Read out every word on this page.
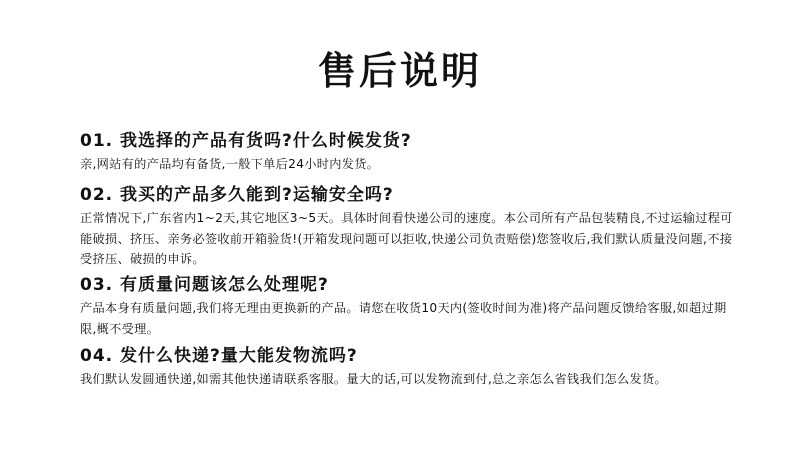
售后说明
01. 我选择的产品有货吗?什么时候发货?
亲,网站有的产品均有备货,一般下单后24小时内发货。
02. 我买的产品多久能到?运输安全吗?
正常情况下,广东省内1~2天,其它地区3~5天。具体时间看快递公司的速度。本公司所有产品包装精良,不过运输过程可能破损、挤压、亲务必签收前开箱验货!(开箱发现问题可以拒收,快递公司负责赔偿)您签收后,我们默认质量没问题,不接受挤压、破损的申诉。
03. 有质量问题该怎么处理呢?
产品本身有质量问题,我们将无理由更换新的产品。请您在收货10天内(签收时间为准)将产品问题反馈给客服,如超过期限,概不受理。
04. 发什么快递?量大能发物流吗?
我们默认发圆通快递,如需其他快递请联系客服。量大的话,可以发物流到付,总之亲怎么省钱我们怎么发货。
